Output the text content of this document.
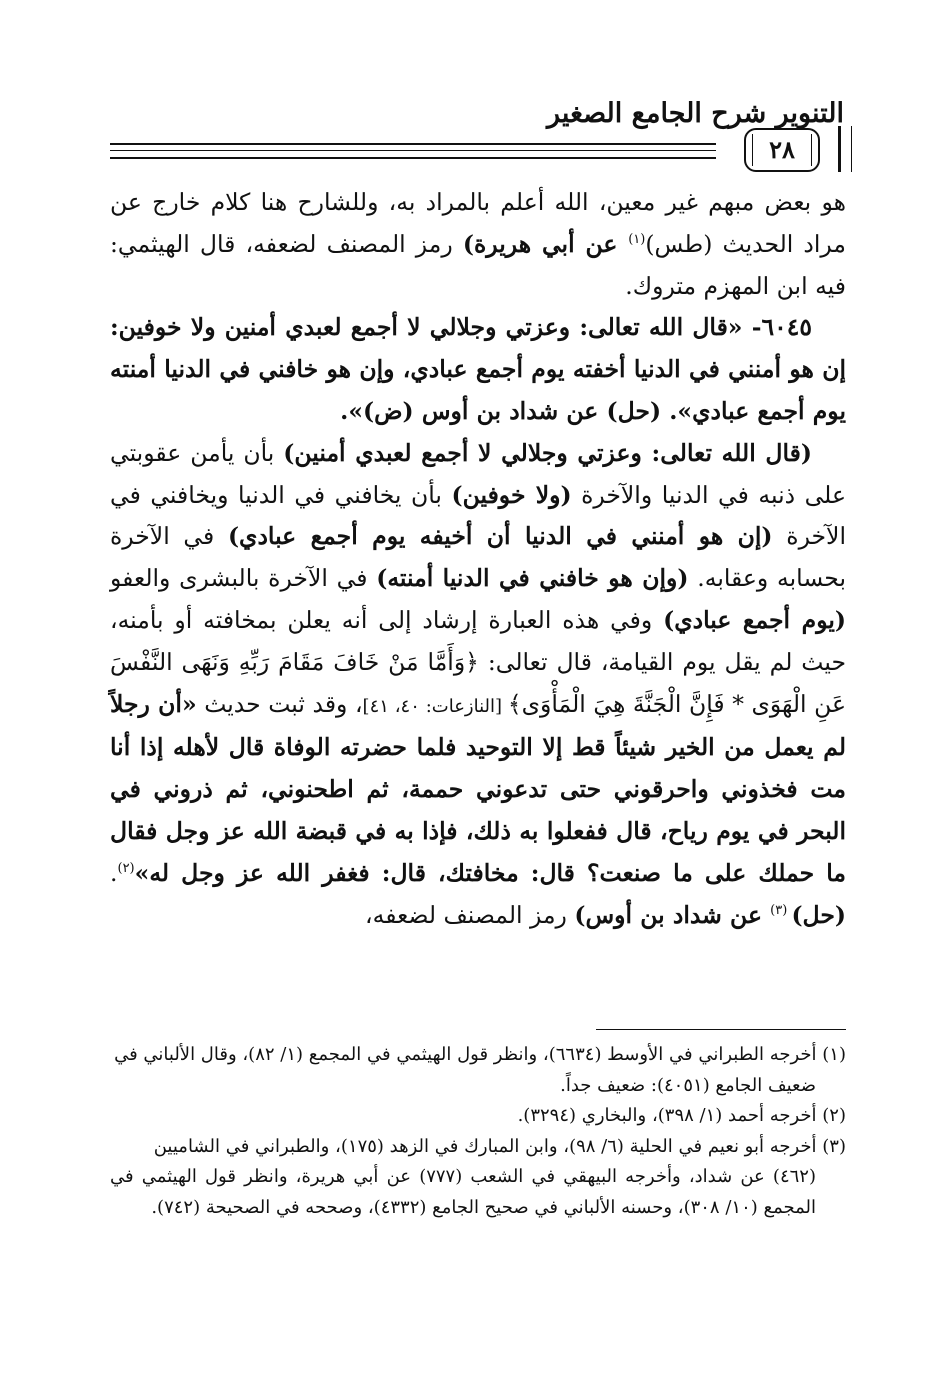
التنوير شرح الجامع الصغير
٢٨

هو بعض مبهم غير معين، الله أعلم بالمراد به، وللشارح هنا كلام خارج عن مراد الحديث (طس)$^{(١)}$ عن أبي هريرة) رمز المصنف لضعفه، قال الهيثمي: فيه ابن المهزم متروك.

٦٠٤٥- «قال الله تعالى: وعزتي وجلالي لا أجمع لعبدي أمنين ولا خوفين: إن هو أمنني في الدنيا أخفته يوم أجمع عبادي، وإن هو خافني في الدنيا أمنته يوم أجمع عبادي». (حل) عن شداد بن أوس (ض)».

(قال الله تعالى: وعزتي وجلالي لا أجمع لعبدي أمنين) بأن يأمن عقوبتي على ذنبه في الدنيا والآخرة (ولا خوفين) بأن يخافني في الدنيا ويخافني في الآخرة (إن هو أمنني في الدنيا أن أخيفه يوم أجمع عبادي) في الآخرة بحسابه وعقابه. (وإن هو خافني في الدنيا أمنته) في الآخرة بالبشرى والعفو (يوم أجمع عبادي) وفي هذه العبارة إرشاد إلى أنه يعلن بمخافته أو بأمنه، حيث لم يقل يوم القيامة، قال تعالى: ﴿وَأَمَّا مَنْ خَافَ مَقَامَ رَبِّهِ وَنَهَى النَّفْسَ عَنِ الْهَوَى * فَإِنَّ الْجَنَّةَ هِيَ الْمَأْوَى﴾ [النازعات: ٤٠، ٤١]، وقد ثبت حديث «أن رجلاً لم يعمل من الخير شيئاً قط إلا التوحيد فلما حضرته الوفاة قال لأهله إذا أنا مت فخذوني واحرقوني حتى تدعوني حممة، ثم اطحنوني، ثم ذروني في البحر في يوم رياح، قال ففعلوا به ذلك، فإذا به في قبضة الله عز وجل فقال ما حملك على ما صنعت؟ قال: مخافتك، قال: فغفر الله عز وجل له»$^{(٢)}$. (حل) $^{(٣)}$ عن شداد بن أوس) رمز المصنف لضعفه،

(١) أخرجه الطبراني في الأوسط (٦٦٣٤)، وانظر قول الهيثمي في المجمع (١/ ٨٢)، وقال الألباني في

ضعيف الجامع (٤٠٥١): ضعيف جداً.

(٢) أخرجه أحمد (١/ ٣٩٨)، والبخاري (٣٢٩٤).

(٣) أخرجه أبو نعيم في الحلية (٦/ ٩٨)، وابن المبارك في الزهد (١٧٥)، والطبراني في الشاميين

(٤٦٢) عن شداد، وأخرجه البيهقي في الشعب (٧٧٧) عن أبي هريرة، وانظر قول الهيثمي في المجمع (١٠/ ٣٠٨)، وحسنه الألباني في صحيح الجامع (٤٣٣٢)، وصححه في الصحيحة (٧٤٢).
